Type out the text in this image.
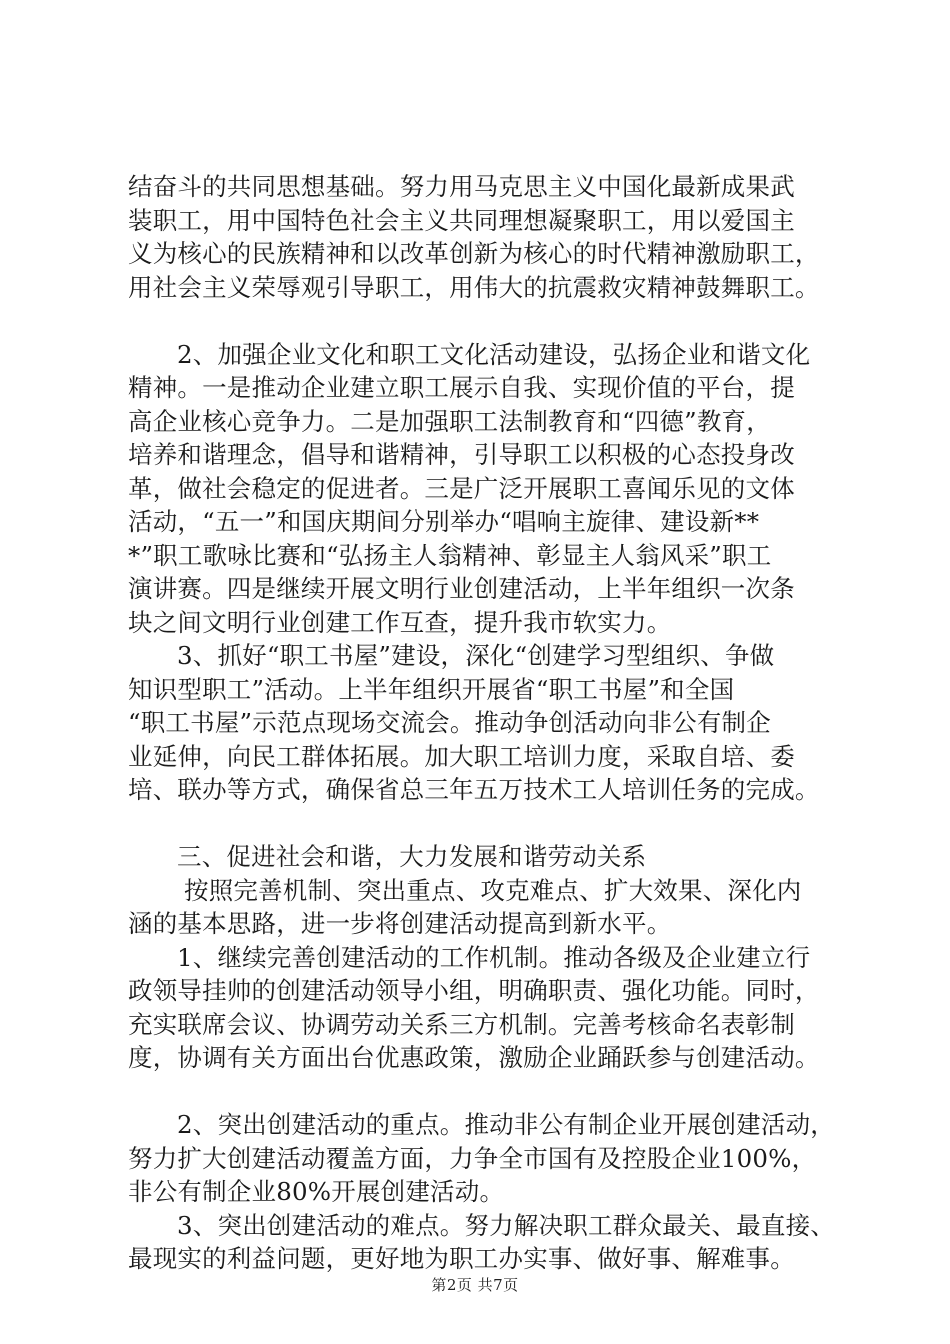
结奋斗的共同思想基础。努力用马克思主义中国化最新成果武
装职工，用中国特色社会主义共同理想凝聚职工，用以爱国主
义为核心的民族精神和以改革创新为核心的时代精神激励职工，
用社会主义荣辱观引导职工，用伟大的抗震救灾精神鼓舞职工。
2、加强企业文化和职工文化活动建设，弘扬企业和谐文化
精神。一是推动企业建立职工展示自我、实现价值的平台，提
高企业核心竞争力。二是加强职工法制教育和“四德”教育，
培养和谐理念，倡导和谐精神，引导职工以积极的心态投身改
革，做社会稳定的促进者。三是广泛开展职工喜闻乐见的文体
活动，“五一”和国庆期间分别举办“唱响主旋律、建设新**
*”职工歌咏比赛和“弘扬主人翁精神、彰显主人翁风采”职工
演讲赛。四是继续开展文明行业创建活动，上半年组织一次条
块之间文明行业创建工作互查，提升我市软实力。
3、抓好“职工书屋”建设，深化“创建学习型组织、争做
知识型职工”活动。上半年组织开展省“职工书屋”和全国
“职工书屋”示范点现场交流会。推动争创活动向非公有制企
业延伸，向民工群体拓展。加大职工培训力度，采取自培、委
培、联办等方式，确保省总三年五万技术工人培训任务的完成。
三、促进社会和谐，大力发展和谐劳动关系
按照完善机制、突出重点、攻克难点、扩大效果、深化内
涵的基本思路，进一步将创建活动提高到新水平。
1、继续完善创建活动的工作机制。推动各级及企业建立行
政领导挂帅的创建活动领导小组，明确职责、强化功能。同时，
充实联席会议、协调劳动关系三方机制。完善考核命名表彰制
度，协调有关方面出台优惠政策，激励企业踊跃参与创建活动。
2、突出创建活动的重点。推动非公有制企业开展创建活动，
努力扩大创建活动覆盖方面，力争全市国有及控股企业100%，
非公有制企业80%开展创建活动。
3、突出创建活动的难点。努力解决职工群众最关、最直接、
最现实的利益问题，更好地为职工办实事、做好事、解难事。
第2页 共7页
